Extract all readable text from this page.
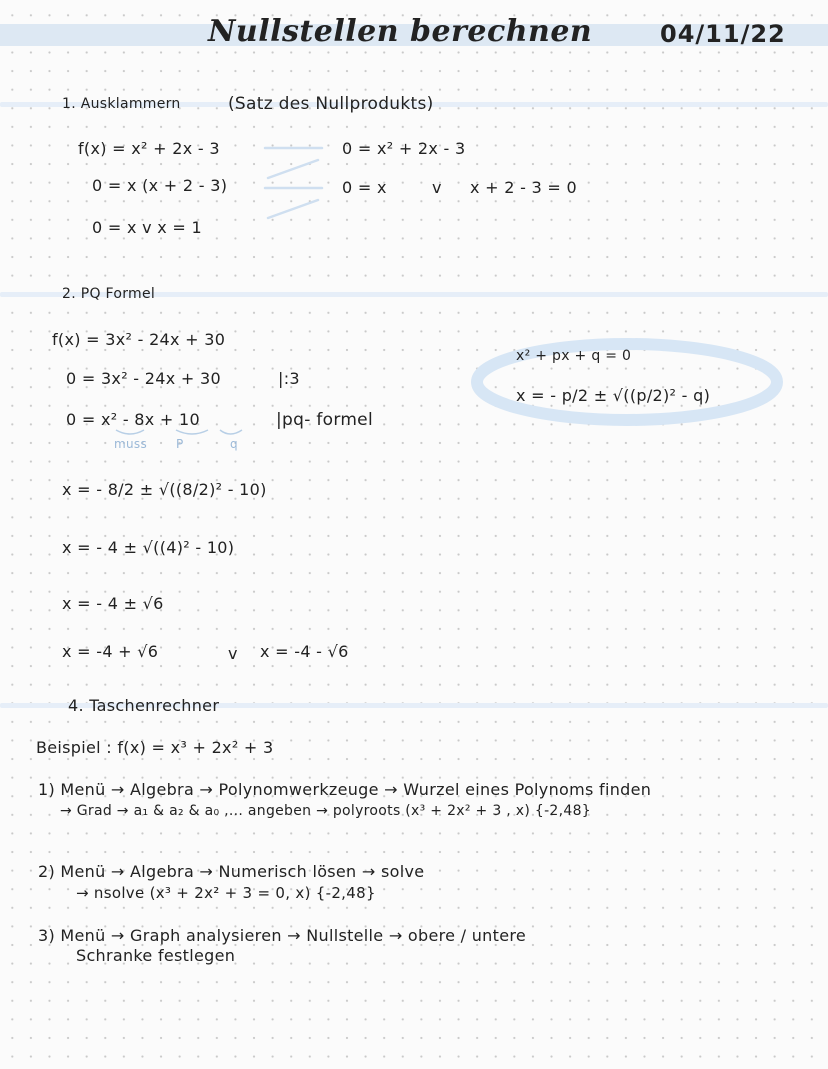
Nullstellen berechnen	04/11/22
1. Ausklammern	(Satz des Nullprodukts)
f(x) = x² + 2x - 3	0 = x² + 2x - 3
0 = x (x + 2 - 3)	0 = x	v x + 2 - 3 = 0
0 = x v x = 1
2. PQ Formel
f(x) = 3x² - 24x + 30
0 = 3x² - 24x + 30	|:3
0 = x² - 8x + 10	|pq- formel
muss P	q
x = - 8/2 ± √((8/2)² - 10)
x = - 4 ± √((4)² - 10)
x = - 4 ± √6
x = -4 + √6	v x = -4 - √6
x² + px + q = 0
x = - p/2 ± √((p/2)² - q)
4. Taschenrechner
Beispiel : f(x) = x³ + 2x² + 3
1) Menü → Algebra → Polynomwerkzeuge → Wurzel eines Polynoms finden
→ Grad → a₁ & a₂ & a₀ ,... angeben → polyroots (x³ + 2x² + 3 , x) {-2,48}
2) Menü → Algebra → Numerisch lösen → solve
→ nsolve (x³ + 2x² + 3 = 0, x) {-2,48}
3) Menü → Graph analysieren → Nullstelle → obere / untere
Schranke festlegen
